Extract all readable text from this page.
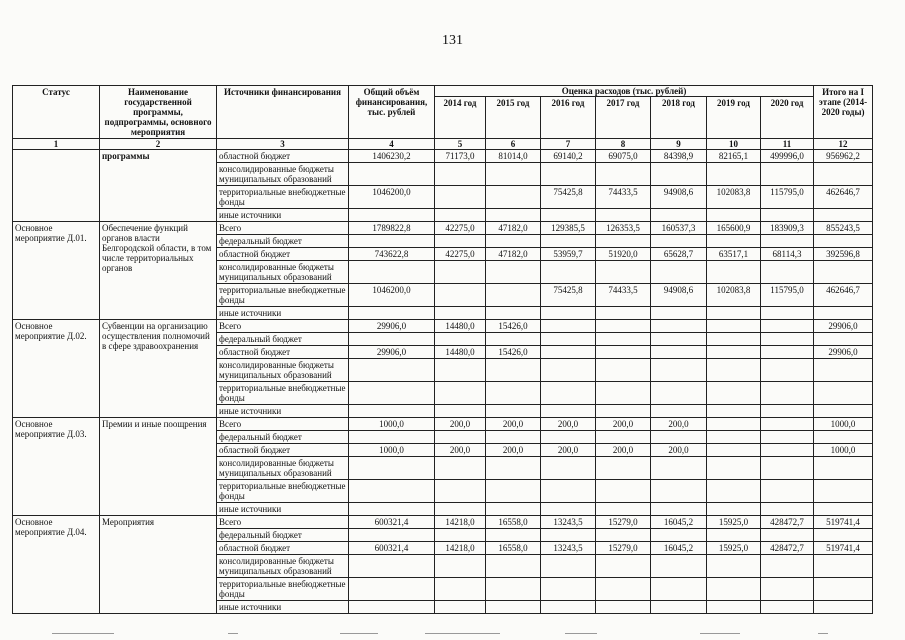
131
Статус	Наименование государственной программы, подпрограммы, основного мероприятия	Источники финансирования	Общий объём финансирования, тыс. рублей	Оценка расходов (тыс. рублей)							Итого на I этапе (2014-2020 годы)
				2014 год	2015 год	2016 год	2017 год	2018 год	2019 год	2020 год	
1	2	3	4	5	6	7	8	9	10	11	12
	программы	областной бюджет	1406230,2	71173,0	81014,0	69140,2	69075,0	84398,9	82165,1	499996,0	956962,2
		консолидированные бюджеты муниципальных образований									
		территориальные внебюджетные фонды	1046200,0			75425,8	74433,5	94908,6	102083,8	115795,0	462646,7
		иные источники									
Основное мероприятие Д.01.	Обеспечение функций органов власти Белгородской области, в том числе территориальных органов	Всего	1789822,8	42275,0	47182,0	129385,5	126353,5	160537,3	165600,9	183909,3	855243,5
		федеральный бюджет									
		областной бюджет	743622,8	42275,0	47182,0	53959,7	51920,0	65628,7	63517,1	68114,3	392596,8
		консолидированные бюджеты муниципальных образований									
		территориальные внебюджетные фонды	1046200,0			75425,8	74433,5	94908,6	102083,8	115795,0	462646,7
		иные источники									
Основное мероприятие Д.02.	Субвенции на организацию осуществления полномочий в сфере здравоохранения	Всего	29906,0	14480,0	15426,0						29906,0
		федеральный бюджет									
		областной бюджет	29906,0	14480,0	15426,0						29906,0
		консолидированные бюджеты муниципальных образований									
		территориальные внебюджетные фонды									
		иные источники									
Основное мероприятие Д.03.	Премии и иные поощрения	Всего	1000,0	200,0	200,0	200,0	200,0	200,0			1000,0
		федеральный бюджет									
		областной бюджет	1000,0	200,0	200,0	200,0	200,0	200,0			1000,0
		консолидированные бюджеты муниципальных образований									
		территориальные внебюджетные фонды									
		иные источники									
Основное мероприятие Д.04.	Мероприятия	Всего	600321,4	14218,0	16558,0	13243,5	15279,0	16045,2	15925,0	428472,7	519741,4
		федеральный бюджет									
		областной бюджет	600321,4	14218,0	16558,0	13243,5	15279,0	16045,2	15925,0	428472,7	519741,4
		консолидированные бюджеты муниципальных образований									
		территориальные внебюджетные фонды									
		иные источники									
